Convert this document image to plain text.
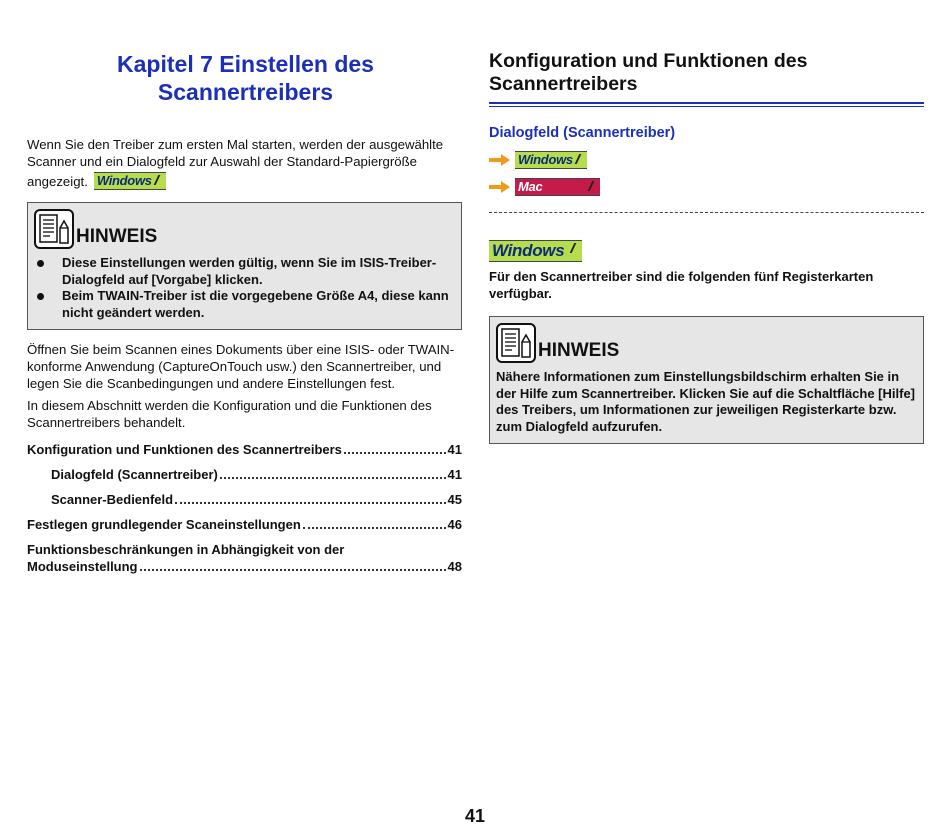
Kapitel 7 Einstellen des
Scannertreibers

Wenn Sie den Treiber zum ersten Mal starten, werden der ausgewählte
Scanner und ein Dialogfeld zur Auswahl der Standard-Papiergröße

angezeigt. Windows
HINWEIS
Diese Einstellungen werden gültig, wenn Sie im ISIS-Treiber-Dialogfeld auf [Vorgabe] klicken.
Beim TWAIN-Treiber ist die vorgegebene Größe A4, diese kann nicht geändert werden.

Öffnen Sie beim Scannen eines Dokuments über eine ISIS- oder TWAIN-konforme Anwendung (CaptureOnTouch usw.) den Scannertreiber, und legen Sie die Scanbedingungen und andere Einstellungen fest.

In diesem Abschnitt werden die Konfiguration und die Funktionen des Scannertreibers behandelt.

Konfiguration und Funktionen des Scannertreibers	41
Dialogfeld (Scannertreiber)	41
Scanner-Bedienfeld	45
Festlegen grundlegender Scaneinstellungen	46
Funktionsbeschränkungen in Abhängigkeit von der
Moduseinstellung	48
Konfiguration und Funktionen des
Scannertreibers
Dialogfeld (Scannertreiber)
Windows
Mac
Windows
Für den Scannertreiber sind die folgenden fünf Registerkarten verfügbar.
HINWEIS
Nähere Informationen zum Einstellungsbildschirm erhalten Sie in der Hilfe zum Scannertreiber. Klicken Sie auf die Schaltfläche [Hilfe] des Treibers, um Informationen zur jeweiligen Registerkarte bzw. zum Dialogfeld aufzurufen.
41
